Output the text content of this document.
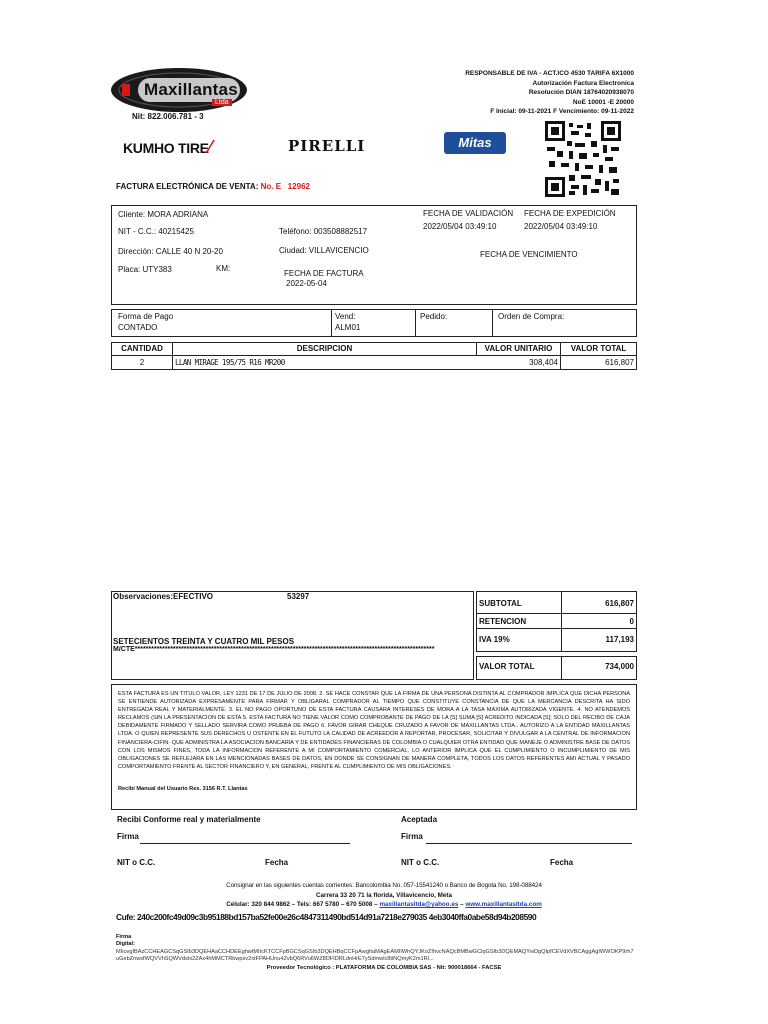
Maxillantas
Ltda
Nit: 822.006.781 - 3
KUMHO TIRE⁄	PIRELLI	Mitas
RESPONSABLE DE IVA - ACT.ICO 4530 TARIFA 6X1000
Autorización Factura Electronica
Resolución DIAN 18764020938070
NoE 10001 -E 20000
F Inicial: 09-11-2021 F Vencimiento: 09-11-2022
FACTURA ELECTRÓNICA DE VENTA: No. E   12962
Cliente: MORA ADRIANA
NIT - C.C.: 40215425	Teléfono: 003508882517
Dirección: CALLE 40 N 20-20	Ciudad: VILLAVICENCIO
Placa: UTY383	KM:
FECHA DE FACTURA
2022-05-04
FECHA DE VALIDACIÓN
2022/05/04 03:49:10
FECHA DE EXPEDICIÓN
2022/05/04 03:49:10
FECHA DE VENCIMIENTO
Forma de Pago
CONTADO
Vend:
ALM01
Pedido:	Orden de Compra:
CANTIDAD	DESCRIPCION	VALOR UNITARIO	VALOR TOTAL
2	LLAN MIRAGE 195/75 R16 MR200	308,404	616,807
Observaciones:EFECTIVO	53297
SETECIENTOS TREINTA Y CUATRO MIL PESOS
M/CTE**************************************************************************************************************
SUBTOTAL	616,807
RETENCION	0
IVA 19%	117,193
VALOR TOTAL	734,000
ESTA FACTURA ES UN TITULO VALOR, LEY 1231 DE 17 DE JULIO DE 2008. 2. SE HACE CONSTAR QUE LA FIRMA DE UNA PERSONA DISTINTA AL COMPRADOR IMPLICA QUE DICHA PERSONA SE ENTIENDE AUTORIZADA EXPRESAMENTE PARA FIRMAR Y OBLIGARAL COMPRADOR AL TIEMPO QUE CONSTITUYE CONSTANCIA DE QUE LA MERCANCIA DESCRITA HA SIDO ENTREGADA REAL Y MATERIALMENTE. 3. EL NO PAGO OPORTUNO DE ESTA FACTURA CAUSARA INTERESES DE MORA A LA TASA MAXIMA AUTORIZADA VIGENTE. 4. NO ATENDEMOS RECLAMOS (SIN LA PRESENTACION DE ESTA 5. ESTA FACTURA NO TIENE VALOR COMO COMPROBANTE DE PAGO DE LA [S] SUMA [S] ACREDITO INDICADA [S]; SOLO DEL RECIBO DE CAJA DEBIDAMENTE FIRMADO Y SELLADO SERVIRA COMO PRUEBA DE PAGO 6. FAVOR GIRAR CHEQUE CRUZADO A FAVOR DE MAXILLANTAS LTDA.. AUTORIZO A LA ENTIDAD MAXILLANTAS LTDA. O QUIEN REPRESENTE SUS DERECHOS U OSTENTE EN EL FUTUTO LA CALIDAD DE ACREEDOR A REPORTAR, PROCESAR, SOLICITAR Y DIVULGAR A LA CENTRAL DE INFORMACION FINANCIERA-CIFIN- QUE ADMINISTRA LA ASOCIACION BANCARIA Y DE ENTIDADES FINANCIERAS DE COLOMBIA O CUALQUIER OTRA ENTIDAD QUE MANEJE O ADMINISTRE BASE DE DATOS CON LOS MISMOS FINES, TODA LA INFORMACION REFERENTE A MI COMPORTAMIENTO COMERCIAL. LO ANTERIOR IMPLICA QUE EL CUMPLIMIENTO O INCUMPLIMIENTO DE MIS OBLIGACIONES SE REFLEJARA EN LAS MENCIONADAS BASES DE DATOS, EN DONDE SE CONSIGNAN DE MANERA COMPLETA, TODOS LOS DATOS REFERENTES AMI ACTUAL Y PASADO COMPORTAMIENTO FRENTE AL SECTOR FINANCIERO Y, EN GENERAL, FRENTE AL CUMPLIMIENTO DE MIS OBLIGACIONES.
Recibí Manual del Usuario Res. 3156 R.T. Llantas
Recibi Conforme real y materialmente	Aceptada
Firma	Firma
NIT o C.C.	Fecha	NIT o C.C.	Fecha
Consignar en las siguientes cuentas corrientes: Bancolombia No. 057-15541240 o Banco de Bogota No. 198-088424
Carrera 33 20 71 la florida, Villavicencio, Meta
Celular: 320 844 9862 – Tels: 667 5780 – 670 5008 – maxillantasltda@yahoo.es – www.maxillantasltda.com
Cufe: 240c200fc49d09c3b95188bd157ba52fe00e26c4847311490bd514d91a7218e279035 4eb3040ffa0abe58d94b208590
Firma
Digital:
MIicegIBAzCCHEAGCSqGSIb3DQEHAaCCHDEEghwtMIIcKTCCFpBGCSqGSIb3DQEHBqCCFpAwghaMAgEAMIIWhQYJKoZIhvcNAQcBMBwGCiqGSIb3DQEMAQYwDgQIpfCEVdXVBCAggAgIWWOKP9rh7uGebZnwsfWQVVhSQWVdstx2ZAx4hMMCTRbwpsv2xtFPAHUnu4ZvbQ6RVu6WZ8DFIDRLdnHrE7ySdmwlc8tiNQmyK2m1Rl...
Proveedor Tecnológico : PLATAFORMA DE COLOMBIA SAS - Nit: 900018664 - FACSE
